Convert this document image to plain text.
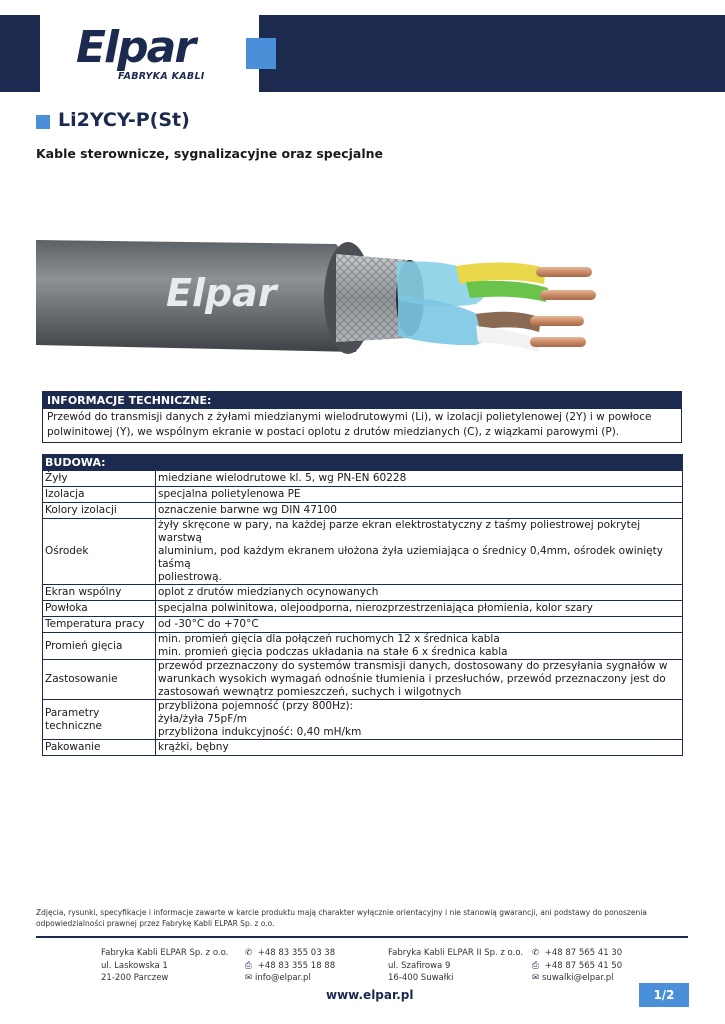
Elpar
FABRYKA KABLI
Li2YCY-P(St)
Kable sterownicze, sygnalizacyjne oraz specjalne
Elpar
INFORMACJE TECHNICZNE:
Przewód do transmisji danych z żyłami miedzianymi wielodrutowymi (Li), w izolacji polietylenowej (2Y) i w powłoce polwinitowej (Y), we wspólnym ekranie w postaci oplotu z drutów miedzianych (C), z wiązkami parowymi (P).
BUDOWA:	
Żyły	miedziane wielodrutowe kl. 5, wg PN-EN 60228

Izolacja	specjalna polietylenowa PE

Kolory izolacji	oznaczenie barwne wg DIN 47100

Ośrodek	żyły skręcone w pary, na każdej parze ekran elektrostatyczny z taśmy poliestrowej pokrytej warstwą
aluminium, pod każdym ekranem ułożona żyła uziemiająca o średnicy 0,4mm, ośrodek owinięty taśmą
poliestrową.

Ekran wspólny	oplot z drutów miedzianych ocynowanych

Powłoka	specjalna polwinitowa, olejoodporna, nierozprzestrzeniająca płomienia, kolor szary

Temperatura pracy	od -30°C do +70°C

Promień gięcia	min. promień gięcia dla połączeń ruchomych 12 x średnica kabla
min. promień gięcia podczas układania na stałe 6 x średnica kabla

Zastosowanie	przewód przeznaczony do systemów transmisji danych, dostosowany do przesyłania sygnałów w
warunkach wysokich wymagań odnośnie tłumienia i przesłuchów, przewód przeznaczony jest do
zastosowań wewnątrz pomieszczeń, suchych i wilgotnych

Parametry techniczne	przybliżona pojemność (przy 800Hz):
żyła/żyła 75pF/m
przybliżona indukcyjność: 0,40 mH/km

Pakowanie	krążki, bębny
Zdjęcia, rysunki, specyfikacje i informacje zawarte w karcie produktu mają charakter wyłącznie orientacyjny i nie stanowią gwarancji, ani podstawy do ponoszenia odpowiedzialności prawnej przez Fabrykę Kabli ELPAR Sp. z o.o.
Fabryka Kabli ELPAR Sp. z o.o.
ul. Laskowska 1
21-200 Parczew
✆ +48 83 355 03 38
⎙ +48 83 355 18 88
✉ info@elpar.pl
Fabryka Kabli ELPAR II Sp. z o.o.
ul. Szafirowa 9
16-400 Suwałki
✆ +48 87 565 41 30
⎙ +48 87 565 41 50
✉ suwalki@elpar.pl
www.elpar.pl	1/2
